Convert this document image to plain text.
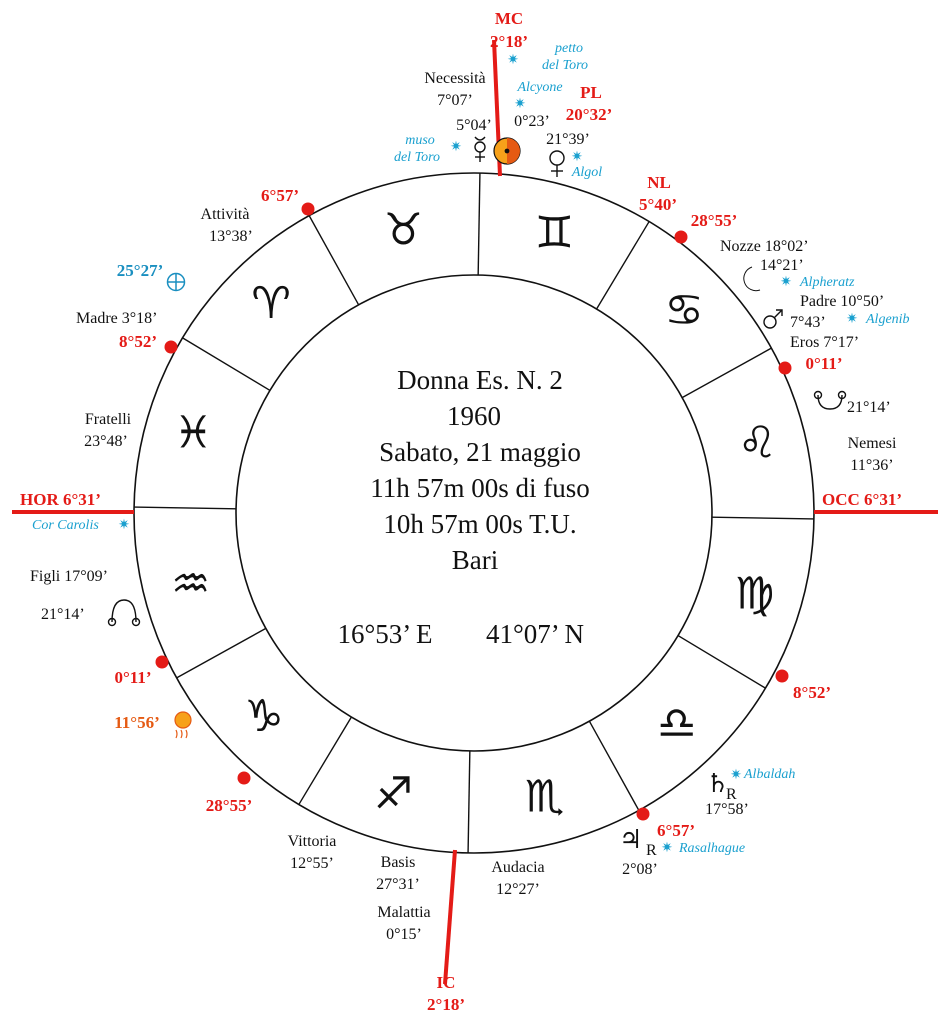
♊
♉
♈
♓
♒
♑
♐	♏
♎
♍
♌
♋
Donna Es. N. 2
1960
Sabato, 21 maggio
11h 57m 00s di fuso
10h 57m 00s T.U.
Bari
16°53’ E 41°07’ N
MC
2°18’
IC
2°18’
HOR 6°31’	OCC 6°31’
6°57’
28°55’
0°11’
8°52’
6°57’
28°55’
0°11’
8°52’
Necessità
7°07’
5°04’ 0°23’
PL
20°32’
21°39’
petto
del Toro
Alcyone
muso
del Toro
Algol
NL
5°40’
Nozze 18°02’
14°21’
Alpheratz
Padre 10°50’
7°43’	Algenib
Eros 7°17’
21°14’
Nemesi
11°36’
Albaldah
17°58’
Rasalhague
2°08’
♄
R
♃ R
Audacia
12°27’
Basis
27°31’
Malattia
0°15’
Vittoria
12°55’
11°56’
Figli 17°09’
21°14’
Cor Carolis
Fratelli
23°48’
Madre 3°18’
25°27’
Attività
13°38’
✷
✷
✷
✷
✷
✷
✷
✷
✷
